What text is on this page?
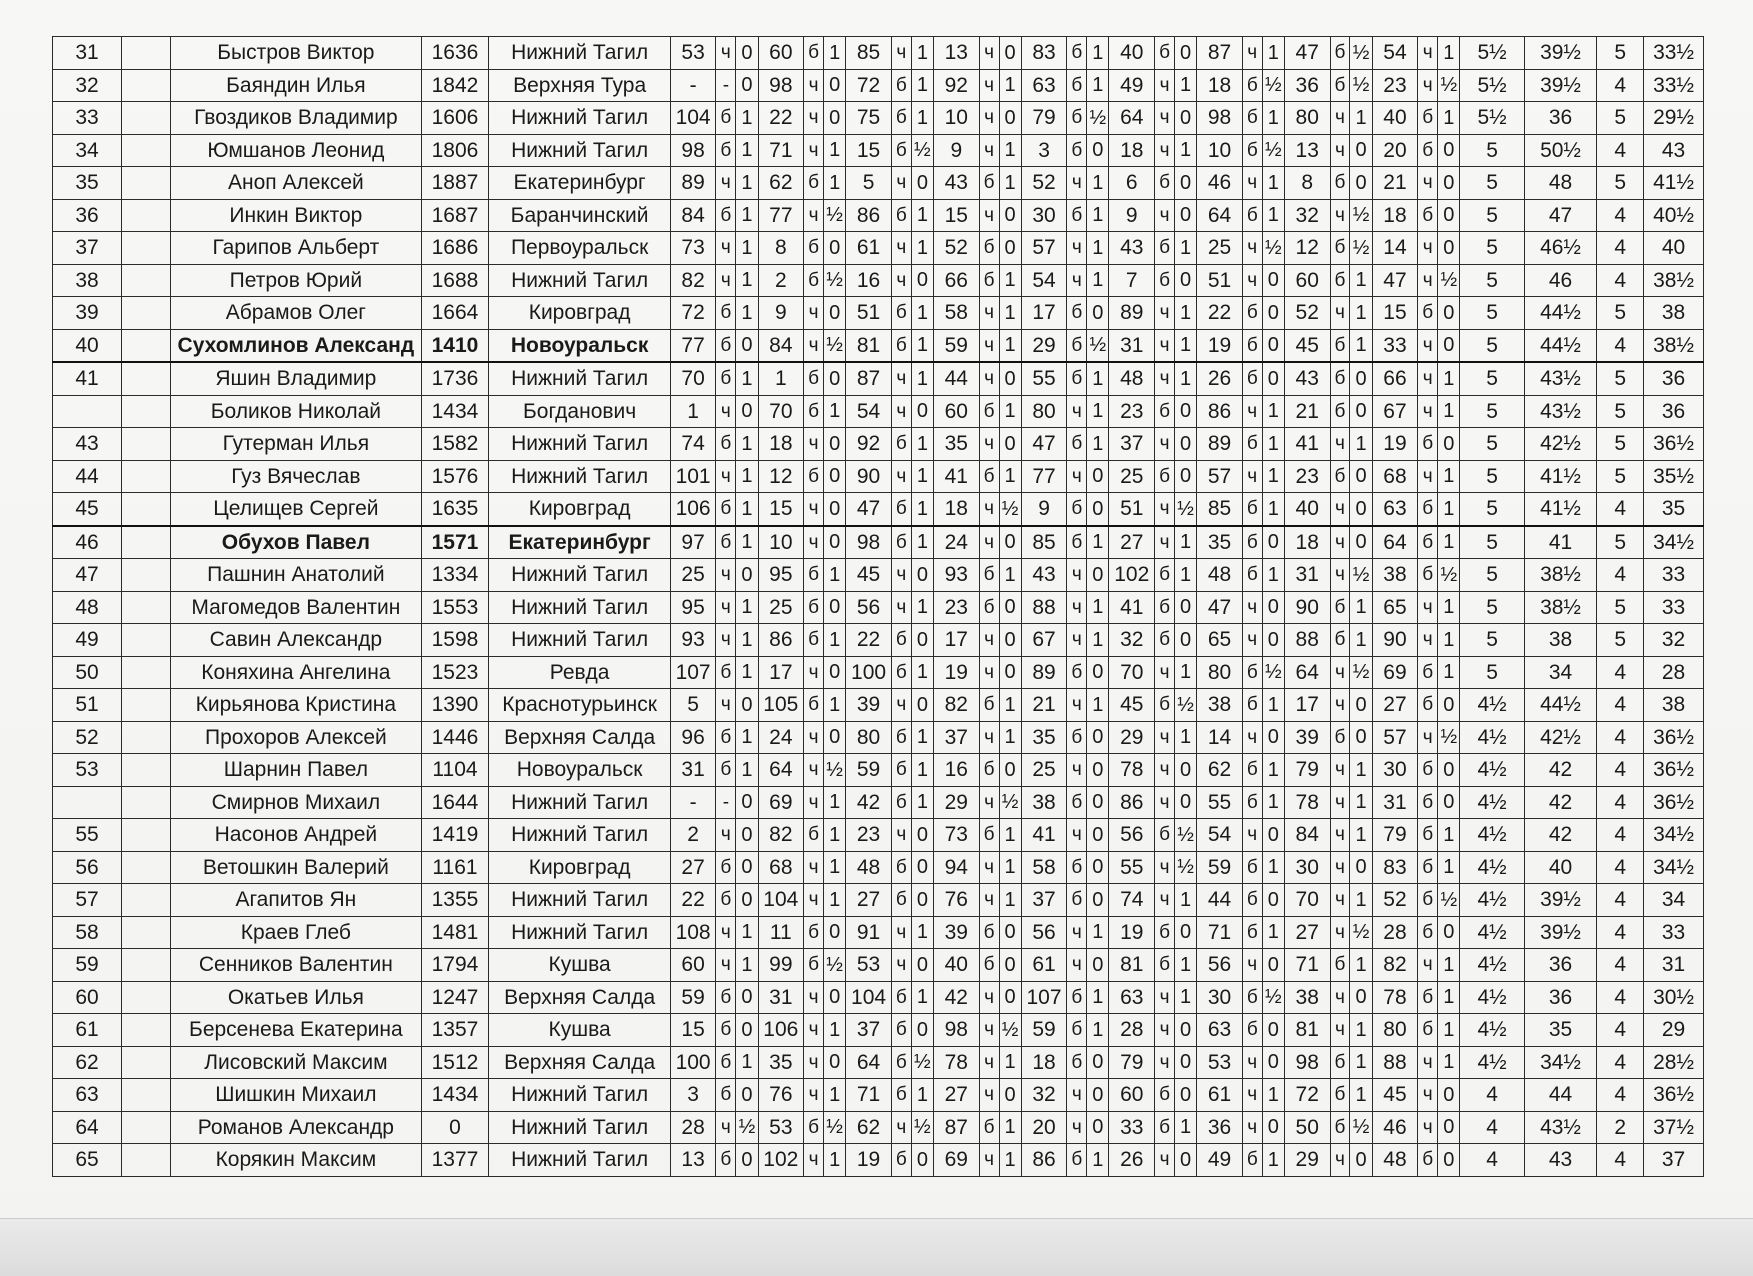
31		Быстров Виктор	1636	Нижний Тагил	53	ч	0	60	б	1	85	ч	1	13	ч	0	83	б	1	40	б	0	87	ч	1	47	б	½	54	ч	1	5½	39½	5	33½
32		Баяндин Илья	1842	Верхняя Тура	-	-	0	98	ч	0	72	б	1	92	ч	1	63	б	1	49	ч	1	18	б	½	36	б	½	23	ч	½	5½	39½	4	33½
33		Гвоздиков Владимир	1606	Нижний Тагил	104	б	1	22	ч	0	75	б	1	10	ч	0	79	б	½	64	ч	0	98	б	1	80	ч	1	40	б	1	5½	36	5	29½
34		Юмшанов Леонид	1806	Нижний Тагил	98	б	1	71	ч	1	15	б	½	9	ч	1	3	б	0	18	ч	1	10	б	½	13	ч	0	20	б	0	5	50½	4	43
35		Аноп Алексей	1887	Екатеринбург	89	ч	1	62	б	1	5	ч	0	43	б	1	52	ч	1	6	б	0	46	ч	1	8	б	0	21	ч	0	5	48	5	41½
36		Инкин Виктор	1687	Баранчинский	84	б	1	77	ч	½	86	б	1	15	ч	0	30	б	1	9	ч	0	64	б	1	32	ч	½	18	б	0	5	47	4	40½
37		Гарипов Альберт	1686	Первоуральск	73	ч	1	8	б	0	61	ч	1	52	б	0	57	ч	1	43	б	1	25	ч	½	12	б	½	14	ч	0	5	46½	4	40
38		Петров Юрий	1688	Нижний Тагил	82	ч	1	2	б	½	16	ч	0	66	б	1	54	ч	1	7	б	0	51	ч	0	60	б	1	47	ч	½	5	46	4	38½
39		Абрамов Олег	1664	Кировград	72	б	1	9	ч	0	51	б	1	58	ч	1	17	б	0	89	ч	1	22	б	0	52	ч	1	15	б	0	5	44½	5	38
40		Сухомлинов Александ	1410	Новоуральск	77	б	0	84	ч	½	81	б	1	59	ч	1	29	б	½	31	ч	1	19	б	0	45	б	1	33	ч	0	5	44½	4	38½
41		Яшин Владимир	1736	Нижний Тагил	70	б	1	1	б	0	87	ч	1	44	ч	0	55	б	1	48	ч	1	26	б	0	43	б	0	66	ч	1	5	43½	5	36
		Боликов Николай	1434	Богданович	1	ч	0	70	б	1	54	ч	0	60	б	1	80	ч	1	23	б	0	86	ч	1	21	б	0	67	ч	1	5	43½	5	36
43		Гутерман Илья	1582	Нижний Тагил	74	б	1	18	ч	0	92	б	1	35	ч	0	47	б	1	37	ч	0	89	б	1	41	ч	1	19	б	0	5	42½	5	36½
44		Гуз Вячеслав	1576	Нижний Тагил	101	ч	1	12	б	0	90	ч	1	41	б	1	77	ч	0	25	б	0	57	ч	1	23	б	0	68	ч	1	5	41½	5	35½
45		Целищев Сергей	1635	Кировград	106	б	1	15	ч	0	47	б	1	18	ч	½	9	б	0	51	ч	½	85	б	1	40	ч	0	63	б	1	5	41½	4	35
46		Обухов Павел	1571	Екатеринбург	97	б	1	10	ч	0	98	б	1	24	ч	0	85	б	1	27	ч	1	35	б	0	18	ч	0	64	б	1	5	41	5	34½
47		Пашнин Анатолий	1334	Нижний Тагил	25	ч	0	95	б	1	45	ч	0	93	б	1	43	ч	0	102	б	1	48	б	1	31	ч	½	38	б	½	5	38½	4	33
48		Магомедов Валентин	1553	Нижний Тагил	95	ч	1	25	б	0	56	ч	1	23	б	0	88	ч	1	41	б	0	47	ч	0	90	б	1	65	ч	1	5	38½	5	33
49		Савин Александр	1598	Нижний Тагил	93	ч	1	86	б	1	22	б	0	17	ч	0	67	ч	1	32	б	0	65	ч	0	88	б	1	90	ч	1	5	38	5	32
50		Коняхина Ангелина	1523	Ревда	107	б	1	17	ч	0	100	б	1	19	ч	0	89	б	0	70	ч	1	80	б	½	64	ч	½	69	б	1	5	34	4	28
51		Кирьянова Кристина	1390	Краснотурьинск	5	ч	0	105	б	1	39	ч	0	82	б	1	21	ч	1	45	б	½	38	б	1	17	ч	0	27	б	0	4½	44½	4	38
52		Прохоров Алексей	1446	Верхняя Салда	96	б	1	24	ч	0	80	б	1	37	ч	1	35	б	0	29	ч	1	14	ч	0	39	б	0	57	ч	½	4½	42½	4	36½
53		Шарнин Павел	1104	Новоуральск	31	б	1	64	ч	½	59	б	1	16	б	0	25	ч	0	78	ч	0	62	б	1	79	ч	1	30	б	0	4½	42	4	36½
		Смирнов Михаил	1644	Нижний Тагил	-	-	0	69	ч	1	42	б	1	29	ч	½	38	б	0	86	ч	0	55	б	1	78	ч	1	31	б	0	4½	42	4	36½
55		Насонов Андрей	1419	Нижний Тагил	2	ч	0	82	б	1	23	ч	0	73	б	1	41	ч	0	56	б	½	54	ч	0	84	ч	1	79	б	1	4½	42	4	34½
56		Ветошкин Валерий	1161	Кировград	27	б	0	68	ч	1	48	б	0	94	ч	1	58	б	0	55	ч	½	59	б	1	30	ч	0	83	б	1	4½	40	4	34½
57		Агапитов Ян	1355	Нижний Тагил	22	б	0	104	ч	1	27	б	0	76	ч	1	37	б	0	74	ч	1	44	б	0	70	ч	1	52	б	½	4½	39½	4	34
58		Краев Глеб	1481	Нижний Тагил	108	ч	1	11	б	0	91	ч	1	39	б	0	56	ч	1	19	б	0	71	б	1	27	ч	½	28	б	0	4½	39½	4	33
59		Сенников Валентин	1794	Кушва	60	ч	1	99	б	½	53	ч	0	40	б	0	61	ч	0	81	б	1	56	ч	0	71	б	1	82	ч	1	4½	36	4	31
60		Окатьев Илья	1247	Верхняя Салда	59	б	0	31	ч	0	104	б	1	42	ч	0	107	б	1	63	ч	1	30	б	½	38	ч	0	78	б	1	4½	36	4	30½
61		Берсенева Екатерина	1357	Кушва	15	б	0	106	ч	1	37	б	0	98	ч	½	59	б	1	28	ч	0	63	б	0	81	ч	1	80	б	1	4½	35	4	29
62		Лисовский Максим	1512	Верхняя Салда	100	б	1	35	ч	0	64	б	½	78	ч	1	18	б	0	79	ч	0	53	ч	0	98	б	1	88	ч	1	4½	34½	4	28½
63		Шишкин Михаил	1434	Нижний Тагил	3	б	0	76	ч	1	71	б	1	27	ч	0	32	ч	0	60	б	0	61	ч	1	72	б	1	45	ч	0	4	44	4	36½
64		Романов Александр	0	Нижний Тагил	28	ч	½	53	б	½	62	ч	½	87	б	1	20	ч	0	33	б	1	36	ч	0	50	б	½	46	ч	0	4	43½	2	37½
65		Корякин Максим	1377	Нижний Тагил	13	б	0	102	ч	1	19	б	0	69	ч	1	86	б	1	26	ч	0	49	б	1	29	ч	0	48	б	0	4	43	4	37
